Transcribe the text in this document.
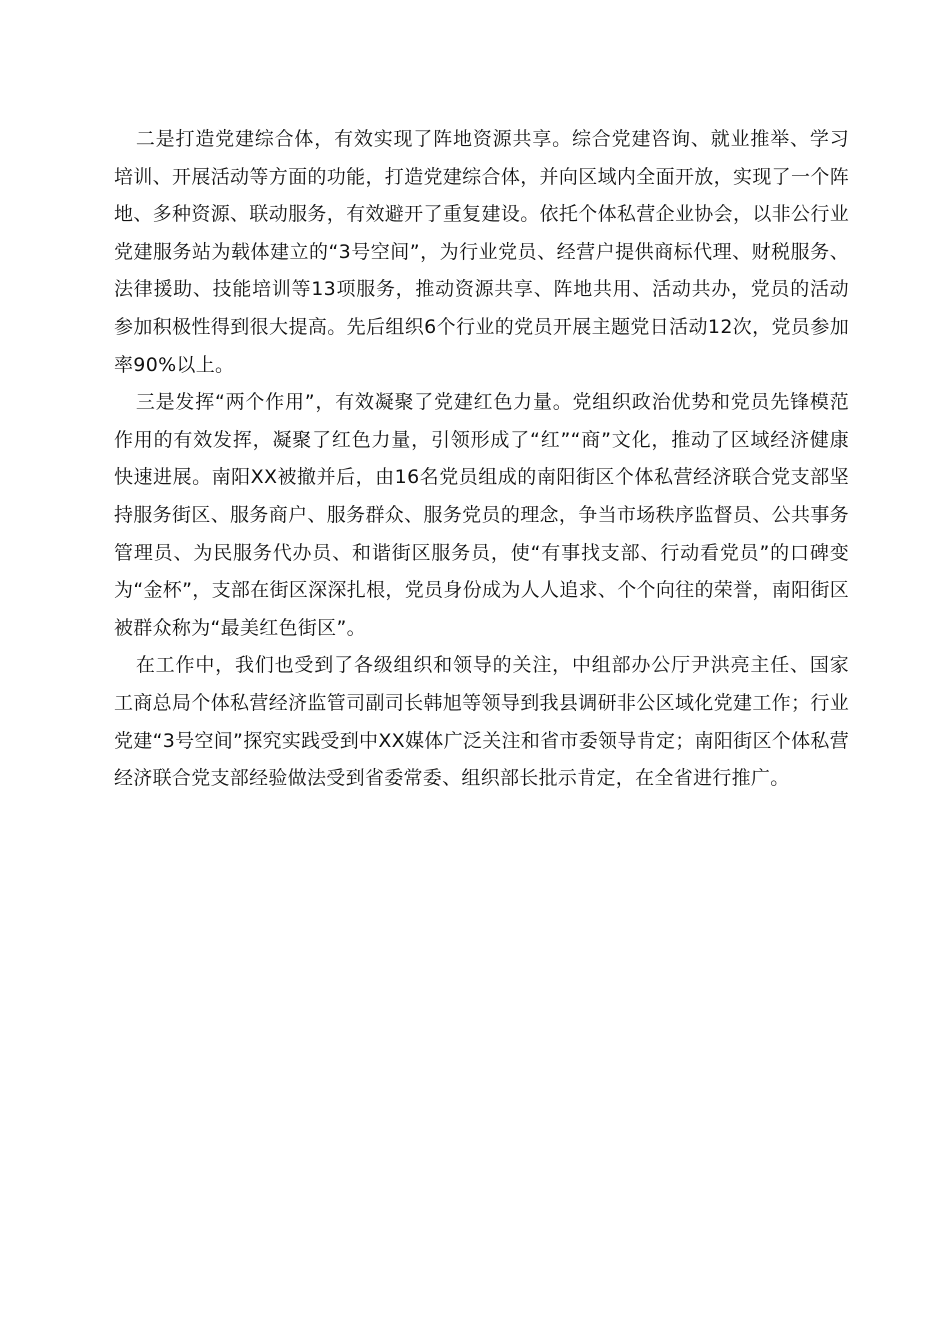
二是打造党建综合体，有效实现了阵地资源共享。综合党建咨询、就业推举、学习培训、开展活动等方面的功能，打造党建综合体，并向区域内全面开放，实现了一个阵地、多种资源、联动服务，有效避开了重复建设。依托个体私营企业协会，以非公行业党建服务站为载体建立的“3号空间”，为行业党员、经营户提供商标代理、财税服务、法律援助、技能培训等13项服务，推动资源共享、阵地共用、活动共办，党员的活动参加积极性得到很大提高。先后组织6个行业的党员开展主题党日活动12次，党员参加率90%以上。

三是发挥“两个作用”，有效凝聚了党建红色力量。党组织政治优势和党员先锋模范作用的有效发挥，凝聚了红色力量，引领形成了“红”“商”文化，推动了区域经济健康快速进展。南阳XX被撤并后，由16名党员组成的南阳街区个体私营经济联合党支部坚持服务街区、服务商户、服务群众、服务党员的理念，争当市场秩序监督员、公共事务管理员、为民服务代办员、和谐街区服务员，使“有事找支部、行动看党员”的口碑变为“金杯”，支部在街区深深扎根，党员身份成为人人追求、个个向往的荣誉，南阳街区被群众称为“最美红色街区”。

在工作中，我们也受到了各级组织和领导的关注，中组部办公厅尹洪亮主任、国家工商总局个体私营经济监管司副司长韩旭等领导到我县调研非公区域化党建工作；行业党建“3号空间”探究实践受到中XX媒体广泛关注和省市委领导肯定；南阳街区个体私营经济联合党支部经验做法受到省委常委、组织部长批示肯定，在全省进行推广。
